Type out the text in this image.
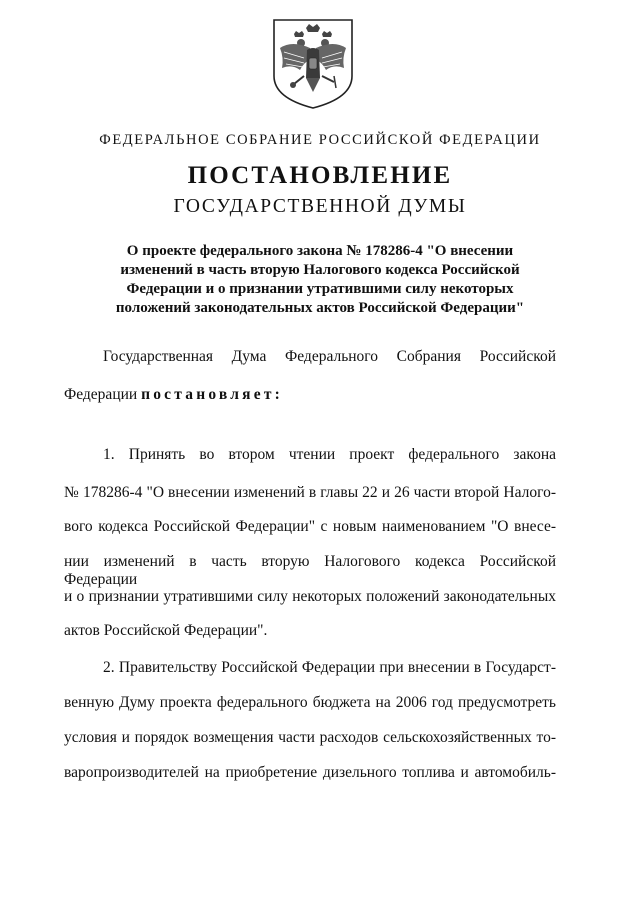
ФЕДЕРАЛЬНОЕ СОБРАНИЕ РОССИЙСКОЙ ФЕДЕРАЦИИ
ПОСТАНОВЛЕНИЕ
ГОСУДАРСТВЕННОЙ ДУМЫ
О проекте федерального закона № 178286-4 "О внесении
изменений в часть вторую Налогового кодекса Российской
Федерации и о признании утратившими силу некоторых
положений законодательных актов Российской Федерации"
Государственная Дума Федерального Собрания Российской
Федерации постановляет:
1. Принять во втором чтении проект федерального закона
№ 178286-4 "О внесении изменений в главы 22 и 26 части второй Налого-
вого кодекса Российской Федерации" с новым наименованием "О внесе-
нии изменений в часть вторую Налогового кодекса Российской Федерации
и о признании утратившими силу некоторых положений законодательных
актов Российской Федерации".
2. Правительству Российской Федерации при внесении в Государст-
венную Думу проекта федерального бюджета на 2006 год предусмотреть
условия и порядок возмещения части расходов сельскохозяйственных то-
варопроизводителей на приобретение дизельного топлива и автомобиль-
